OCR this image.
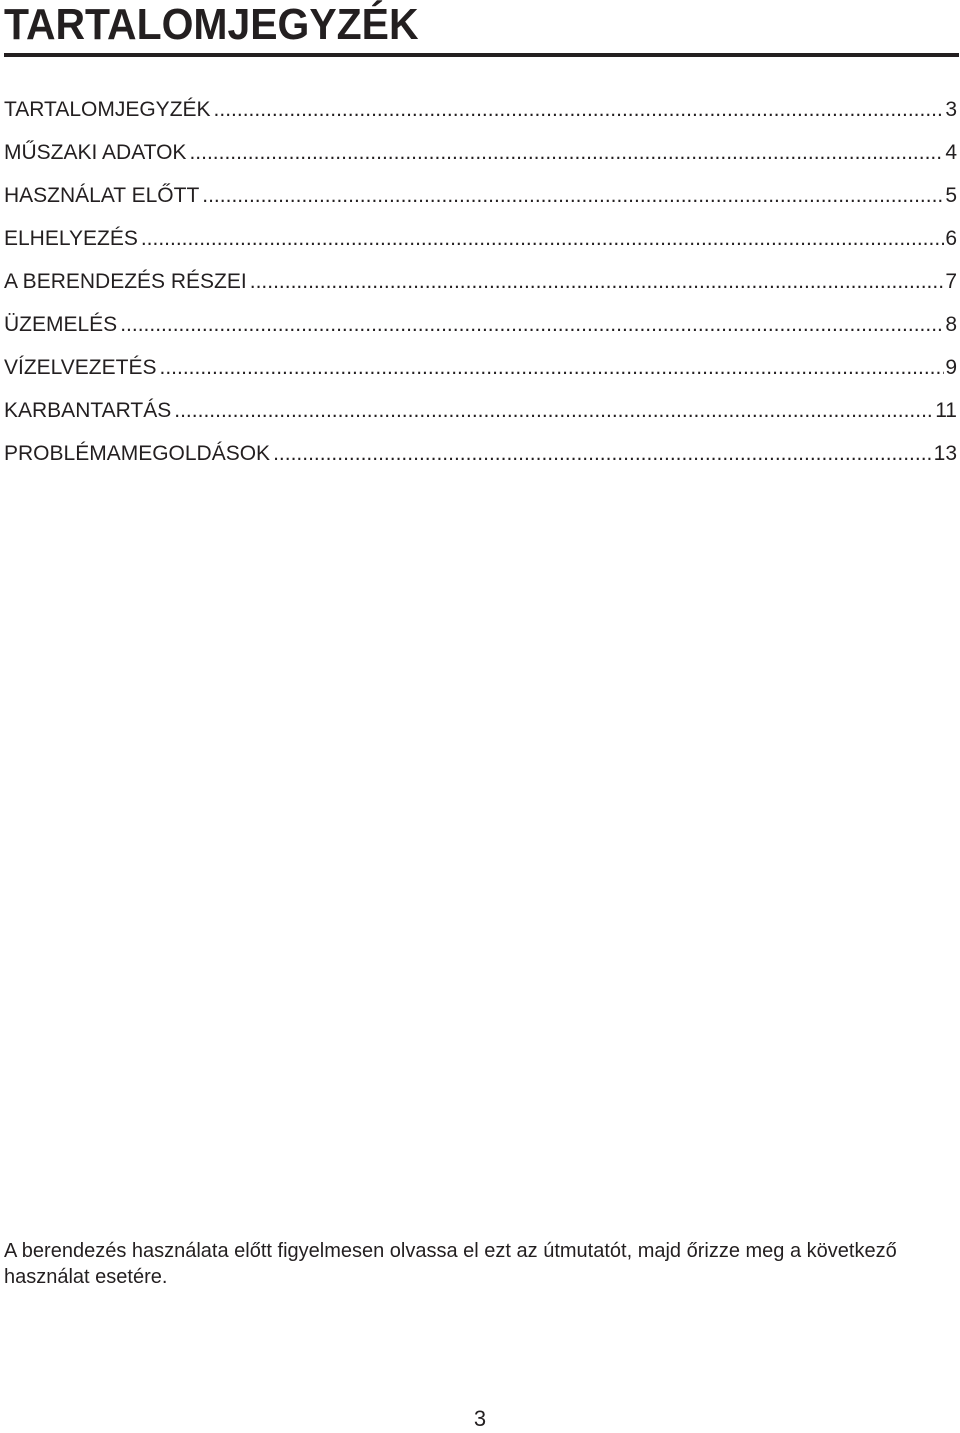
TARTALOMJEGYZÉK
TARTALOMJEGYZÉK .....	3
MŰSZAKI ADATOK .....	4
HASZNÁLAT ELŐTT .....	5
ELHELYEZÉS .....	6
A BERENDEZÉS RÉSZEI .....	7
ÜZEMELÉS .....	8
VÍZELVEZETÉS .....	9
KARBANTARTÁS .....	11
PROBLÉMAMEGOLDÁSOK .....	13

A berendezés használata előtt figyelmesen olvassa el ezt az útmutatót, majd őrizze meg a következő használat esetére.

3
